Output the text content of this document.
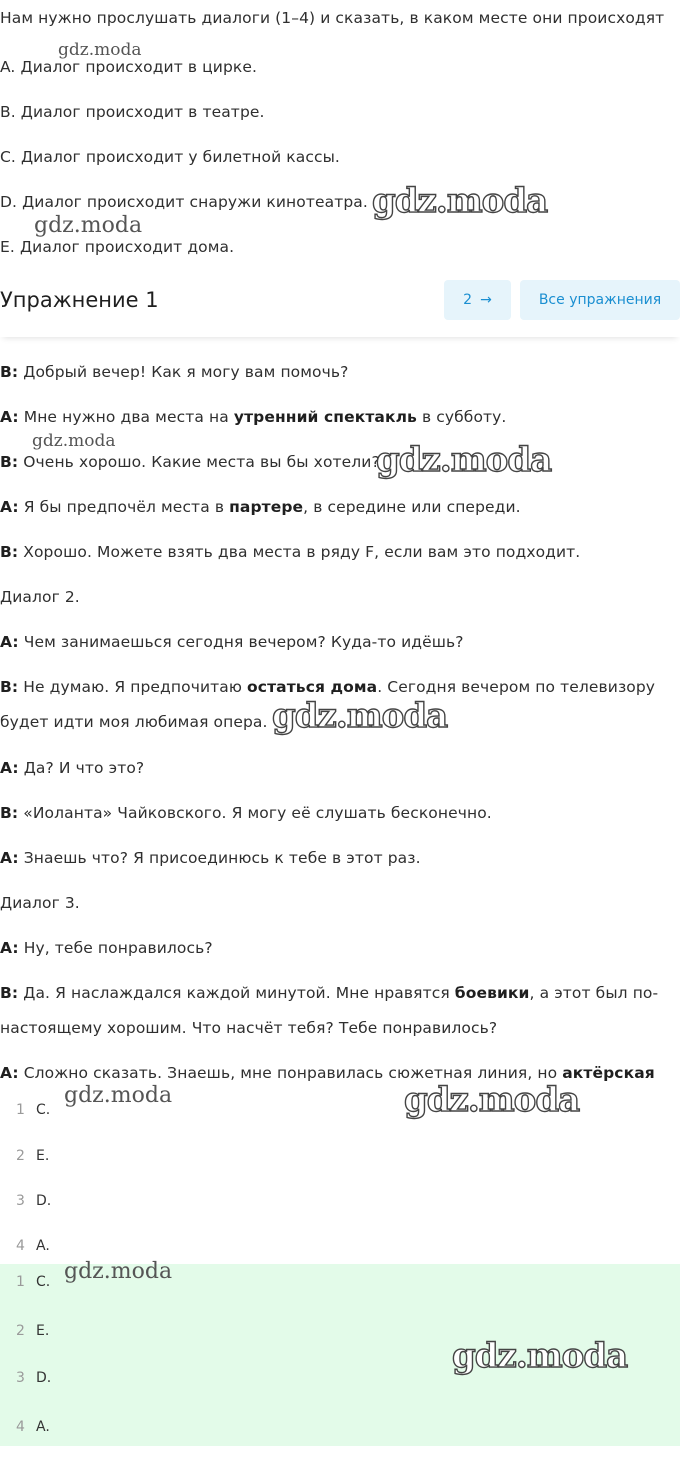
Нам нужно прослушать диалоги (1–4) и сказать, в каком месте они происходят
A. Диалог происходит в цирке.
B. Диалог происходит в театре.
C. Диалог происходит у билетной кассы.
D. Диалог происходит снаружи кинотеатра.
E. Диалог происходит дома.
B: Добрый вечер! Как я могу вам помочь?
A: Мне нужно два места на утренний спектакль в субботу.
B: Очень хорошо. Какие места вы бы хотели?
A: Я бы предпочёл места в партере, в середине или спереди.
B: Хорошо. Можете взять два места в ряду F, если вам это подходит.
Диалог 2.
A: Чем занимаешься сегодня вечером? Куда-то идёшь?
B: Не думаю. Я предпочитаю остаться дома. Сегодня вечером по телевизору
будет идти моя любимая опера.
A: Да? И что это?
B: «Иоланта» Чайковского. Я могу её слушать бесконечно.
A: Знаешь что? Я присоединюсь к тебе в этот раз.
Диалог 3.
A: Ну, тебе понравилось?
B: Да. Я наслаждался каждой минутой. Мне нравятся боевики, а этот был по-
настоящему хорошим. Что насчёт тебя? Тебе понравилось?
A: Сложно сказать. Знаешь, мне понравилась сюжетная линия, но актёрская
Упражнение 1	2 →	Все упражнения
1 C.
2 E.
3 D.
4 A.
1 C.
2 E.
3 D.
4 A.
gdz.moda
gdz.moda
gdz.moda
gdz.moda	gdz.moda
gdz.moda
gdz.moda	gdz.moda
gdz.moda
gdz.moda
